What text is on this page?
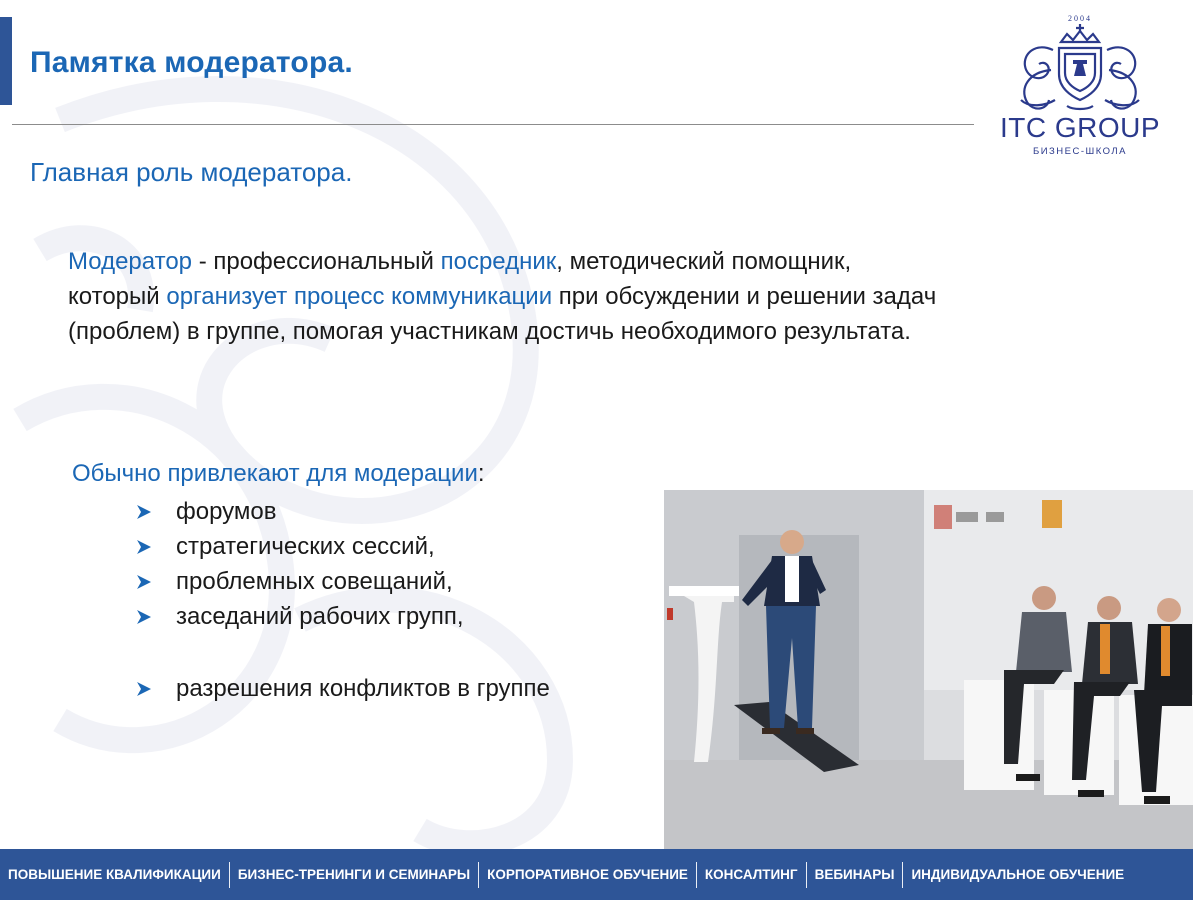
Памятка модератора.
2004
ITC GROUP
БИЗНЕС-ШКОЛА
Главная роль модератора.
Модератор - профессиональный посредник, методический помощник,
который организует процесс коммуникации при обсуждении и решении задач
(проблем) в группе, помогая участникам достичь необходимого результата.
Обычно привлекают для модерации:
форумов
стратегических сессий,
проблемных совещаний,
заседаний рабочих групп,
разрешения конфликтов в группе
ПОВЫШЕНИЕ КВАЛИФИКАЦИИ	БИЗНЕС-ТРЕНИНГИ И СЕМИНАРЫ	КОРПОРАТИВНОЕ ОБУЧЕНИЕ	КОНСАЛТИНГ	ВЕБИНАРЫ	ИНДИВИДУАЛЬНОЕ ОБУЧЕНИЕ
